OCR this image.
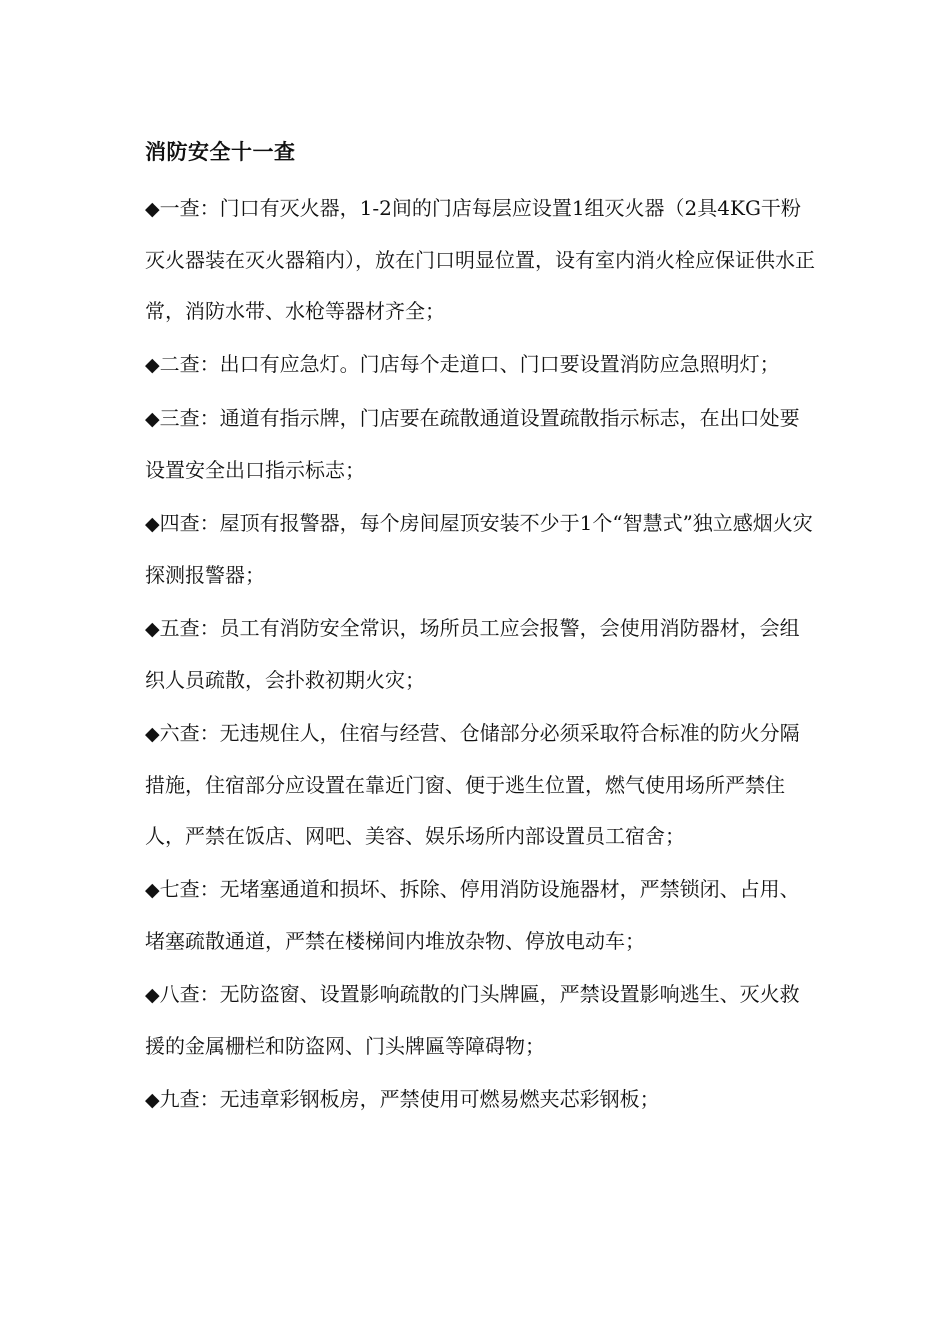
消防安全十一查
◆一查：门口有灭火器，1-2间的门店每层应设置1组灭火器（2具4KG干粉灭火器装在灭火器箱内），放在门口明显位置，设有室内消火栓应保证供水正常，消防水带、水枪等器材齐全；
◆二查：出口有应急灯。门店每个走道口、门口要设置消防应急照明灯；
◆三查：通道有指示牌，门店要在疏散通道设置疏散指示标志，在出口处要设置安全出口指示标志；
◆四查：屋顶有报警器，每个房间屋顶安装不少于1个“智慧式”独立感烟火灾探测报警器；
◆五查：员工有消防安全常识，场所员工应会报警，会使用消防器材，会组织人员疏散，会扑救初期火灾；
◆六查：无违规住人，住宿与经营、仓储部分必须采取符合标准的防火分隔措施，住宿部分应设置在靠近门窗、便于逃生位置，燃气使用场所严禁住人，严禁在饭店、网吧、美容、娱乐场所内部设置员工宿舍；
◆七查：无堵塞通道和损坏、拆除、停用消防设施器材，严禁锁闭、占用、堵塞疏散通道，严禁在楼梯间内堆放杂物、停放电动车；
◆八查：无防盗窗、设置影响疏散的门头牌匾，严禁设置影响逃生、灭火救援的金属栅栏和防盗网、门头牌匾等障碍物；
◆九查：无违章彩钢板房，严禁使用可燃易燃夹芯彩钢板；
